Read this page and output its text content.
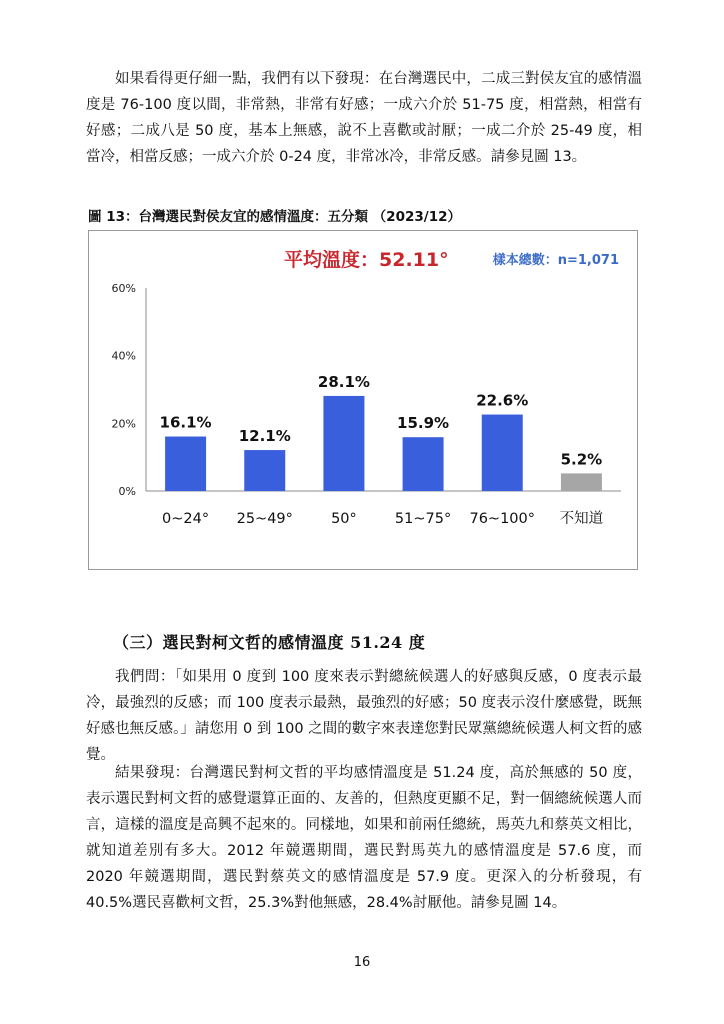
如果看得更仔細一點，我們有以下發現：在台灣選民中，二成三對侯友宜的感情溫度是 76-100 度以間，非常熱，非常有好感；一成六介於 51-75 度，相當熱，相當有好感；二成八是 50 度，基本上無感，說不上喜歡或討厭；一成二介於 25-49 度，相當冷，相當反感；一成六介於 0-24 度，非常冰冷，非常反感。請參見圖 13。

圖 13：台灣選民對侯友宜的感情溫度：五分類 （2023/12）

0%
20%
40%
60%
16.1%
0~24°
12.1%
25~49°
28.1%
50°
15.9%
51~75°
22.6%
76~100°
5.2%
不知道
平均溫度：52.11°	樣本總數：n=1,071
（三）選民對柯文哲的感情溫度 51.24 度

我們問：「如果用 0 度到 100 度來表示對總統候選人的好感與反感，0 度表示最冷，最強烈的反感；而 100 度表示最熱，最強烈的好感；50 度表示沒什麼感覺，既無好感也無反感。」請您用 0 到 100 之間的數字來表達您對民眾黨總統候選人柯文哲的感覺。

結果發現：台灣選民對柯文哲的平均感情溫度是 51.24 度，高於無感的 50 度，表示選民對柯文哲的感覺還算正面的、友善的，但熱度更顯不足，對一個總統候選人而言，這樣的溫度是高興不起來的。同樣地，如果和前兩任總統，馬英九和蔡英文相比，就知道差別有多大。2012 年競選期間，選民對馬英九的感情溫度是 57.6 度，而 2020 年競選期間，選民對蔡英文的感情溫度是 57.9 度。更深入的分析發現，有 40.5%選民喜歡柯文哲，25.3%對他無感，28.4%討厭他。請參見圖 14。

16
